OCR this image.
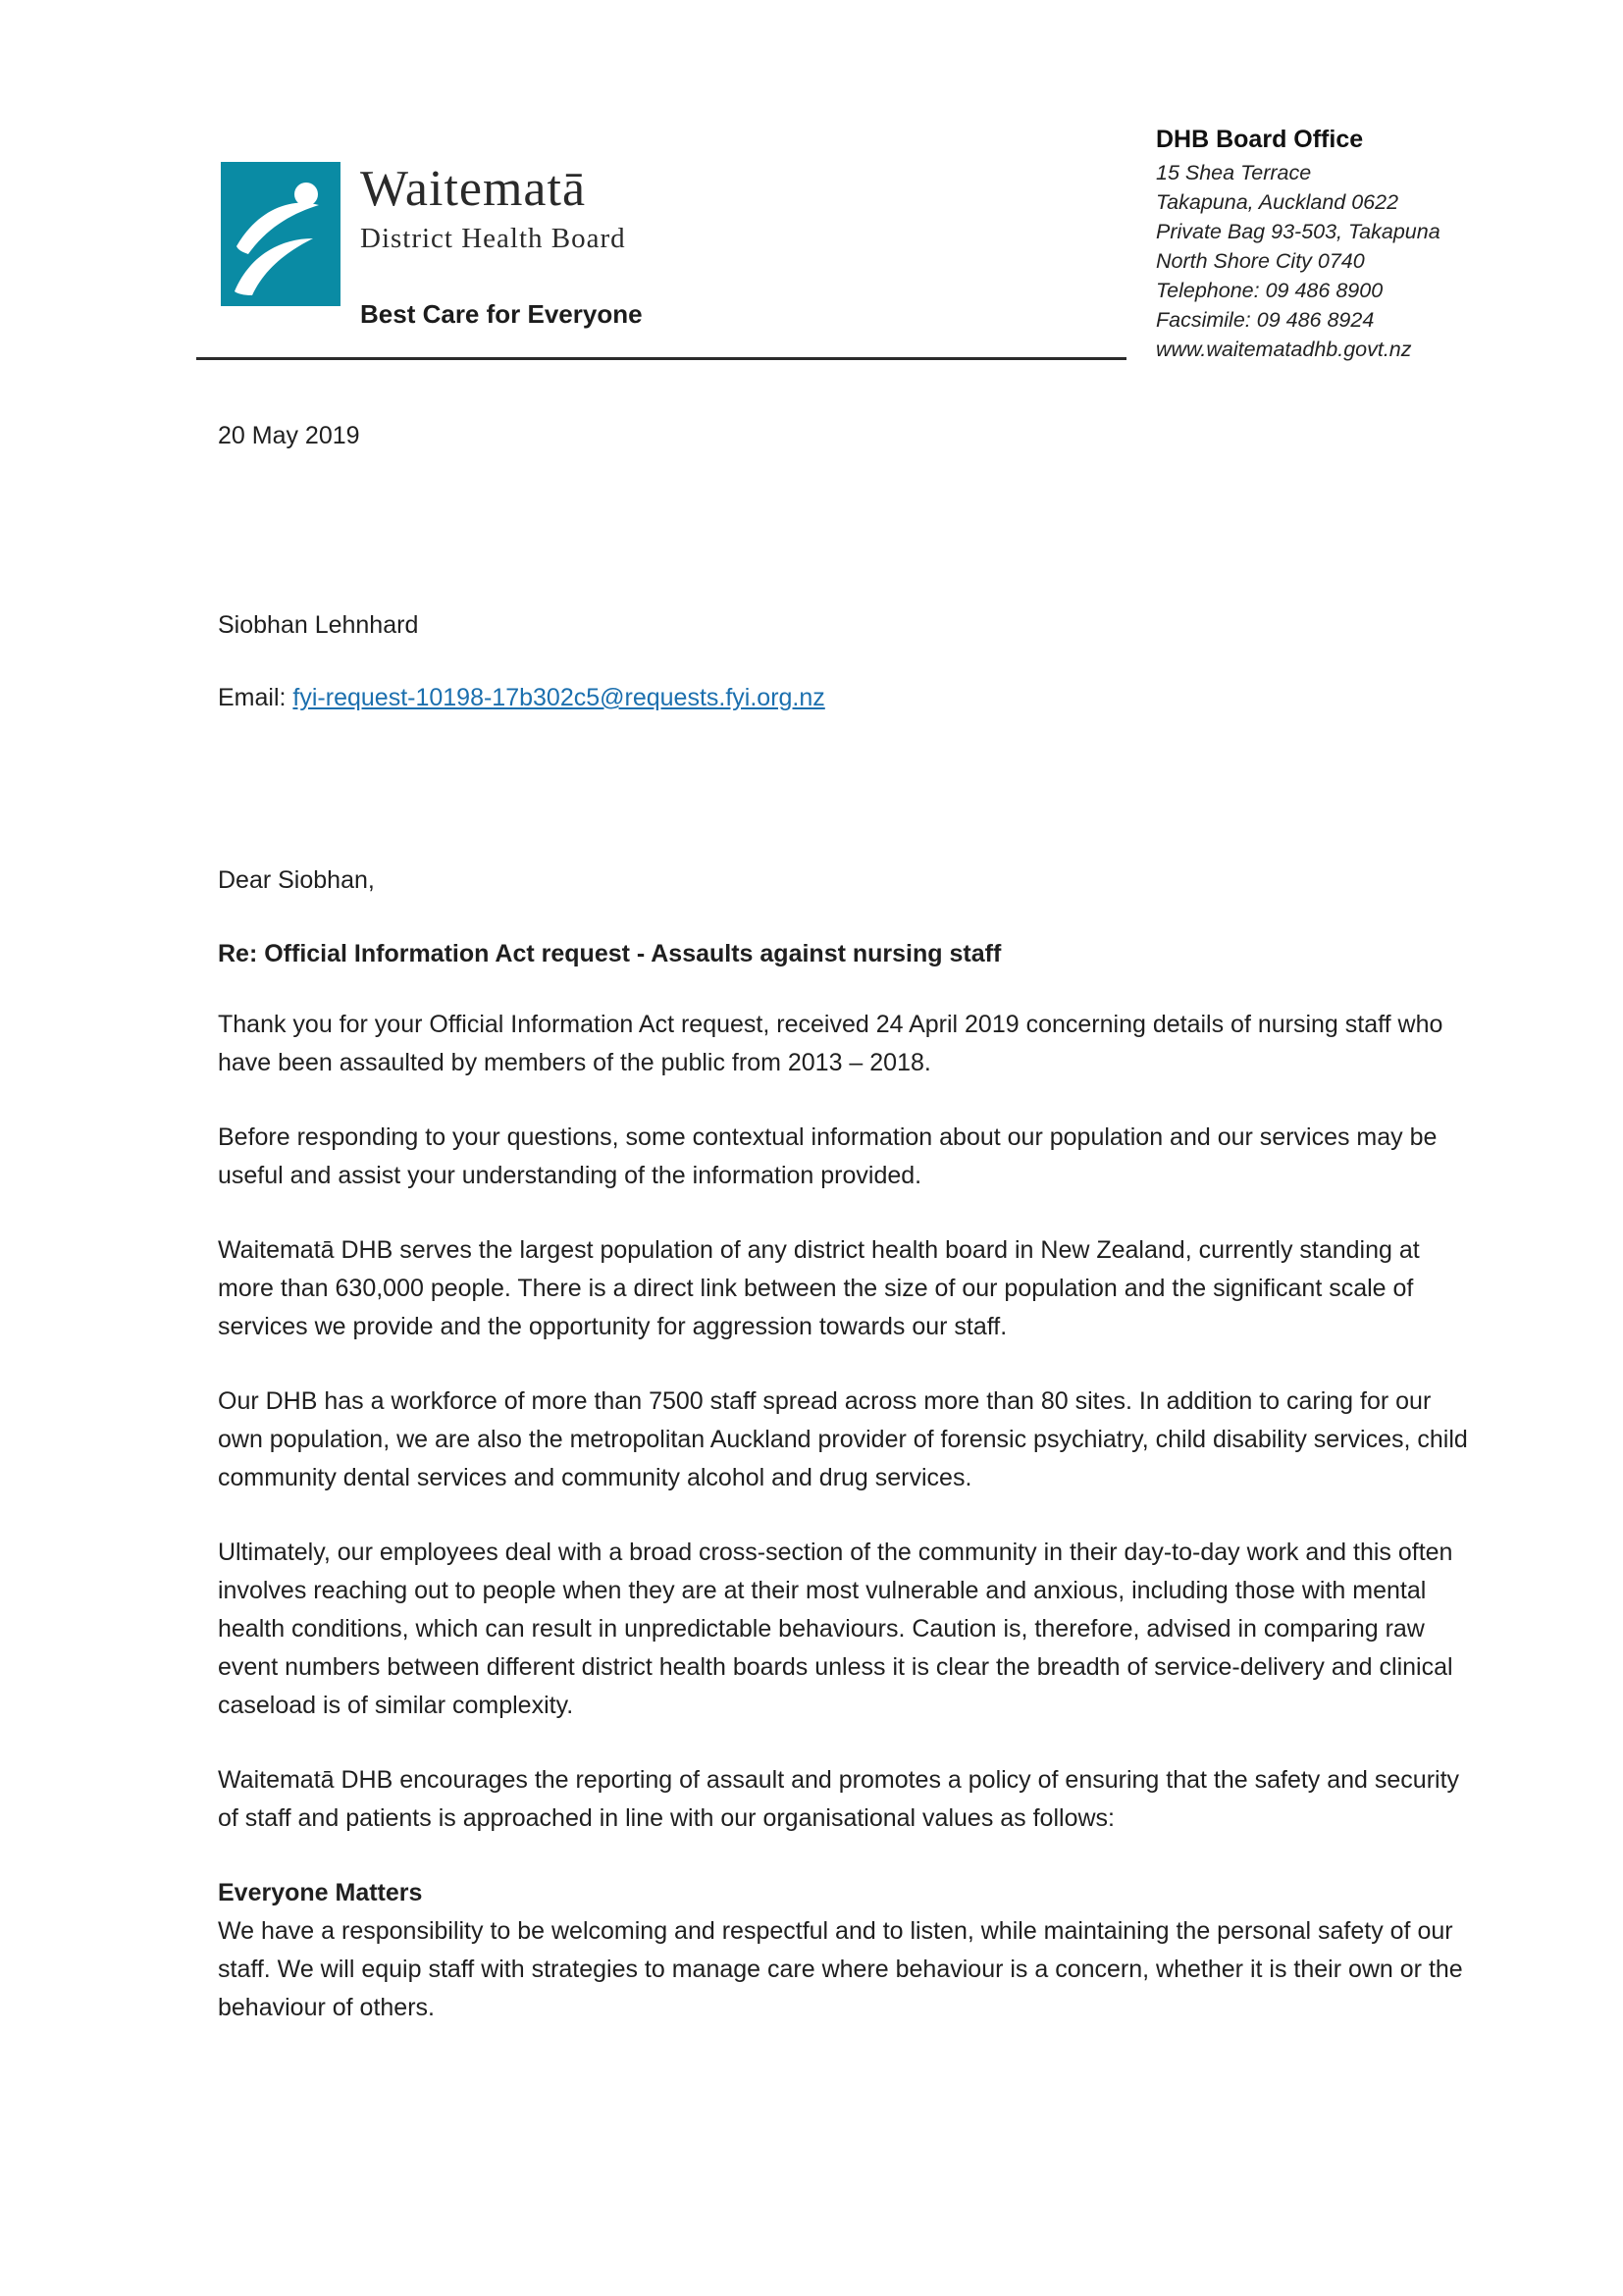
Waitematā
District Health Board
Best Care for Everyone
DHB Board Office
15 Shea Terrace
Takapuna, Auckland 0622
Private Bag 93-503, Takapuna
North Shore City 0740
Telephone: 09 486 8900
Facsimile: 09 486 8924
www.waitematadhb.govt.nz
20 May 2019
Siobhan Lehnhard
Email: fyi-request-10198-17b302c5@requests.fyi.org.nz
Dear Siobhan,
Re: Official Information Act request - Assaults against nursing staff

Thank you for your Official Information Act request, received 24 April 2019 concerning details of nursing staff who have been assaulted by members of the public from 2013 – 2018.

Before responding to your questions, some contextual information about our population and our services may be useful and assist your understanding of the information provided.

Waitematā DHB serves the largest population of any district health board in New Zealand, currently standing at more than 630,000 people. There is a direct link between the size of our population and the significant scale of services we provide and the opportunity for aggression towards our staff.

Our DHB has a workforce of more than 7500 staff spread across more than 80 sites. In addition to caring for our own population, we are also the metropolitan Auckland provider of forensic psychiatry, child disability services, child community dental services and community alcohol and drug services.

Ultimately, our employees deal with a broad cross-section of the community in their day-to-day work and this often involves reaching out to people when they are at their most vulnerable and anxious, including those with mental health conditions, which can result in unpredictable behaviours. Caution is, therefore, advised in comparing raw event numbers between different district health boards unless it is clear the breadth of service-delivery and clinical caseload is of similar complexity.

Waitematā DHB encourages the reporting of assault and promotes a policy of ensuring that the safety and security of staff and patients is approached in line with our organisational values as follows:

Everyone Matters

We have a responsibility to be welcoming and respectful and to listen, while maintaining the personal safety of our staff. We will equip staff with strategies to manage care where behaviour is a concern, whether it is their own or the behaviour of others.
